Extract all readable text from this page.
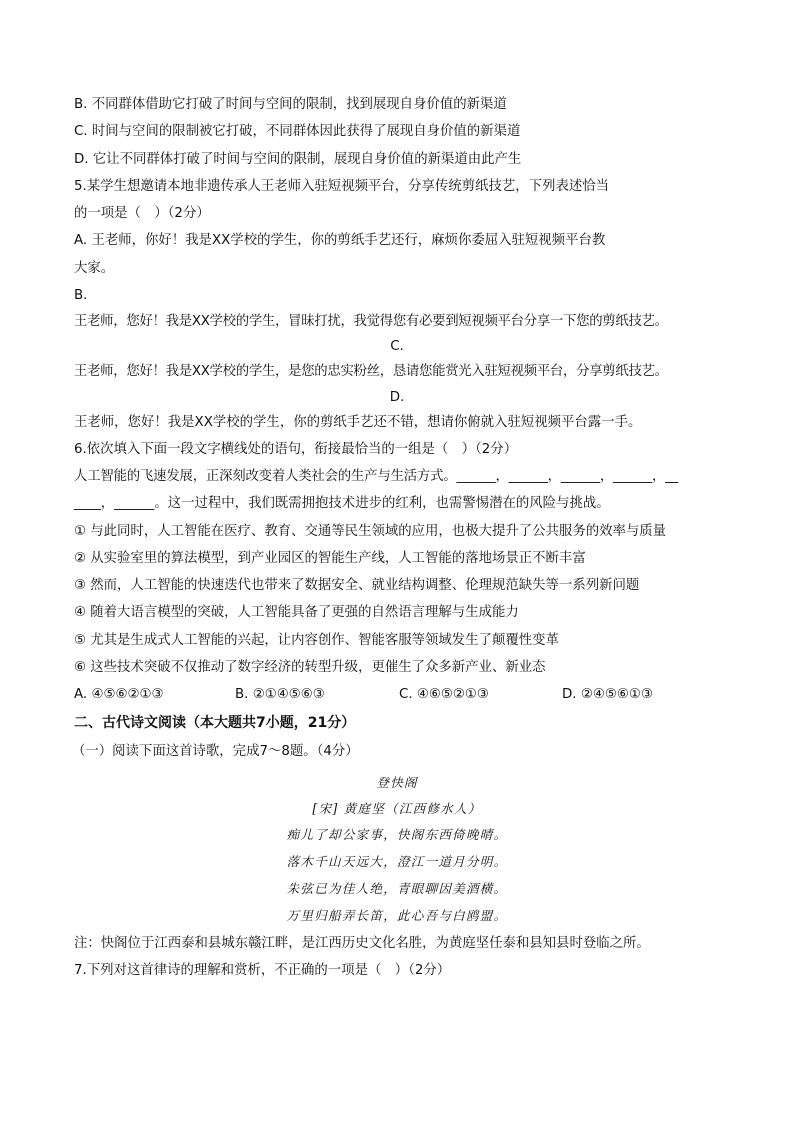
B. 不同群体借助它打破了时间与空间的限制，找到展现自身价值的新渠道
C. 时间与空间的限制被它打破，不同群体因此获得了展现自身价值的新渠道
D. 它让不同群体打破了时间与空间的限制，展现自身价值的新渠道由此产生
5.某学生想邀请本地非遗传承人王老师入驻短视频平台，分享传统剪纸技艺，下列表述恰当
的一项是（　）（2分）
A. 王老师，你好！我是XX学校的学生，你的剪纸手艺还行，麻烦你委屈入驻短视频平台教
大家。
B.
王老师，您好！我是XX学校的学生，冒昧打扰，我觉得您有必要到短视频平台分享一下您的剪纸技艺。
C.
王老师，您好！我是XX学校的学生，是您的忠实粉丝，恳请您能赏光入驻短视频平台，分享剪纸技艺。
D.
王老师，您好！我是XX学校的学生，你的剪纸手艺还不错，想请你俯就入驻短视频平台露一手。
6.依次填入下面一段文字横线处的语句，衔接最恰当的一组是（　）（2分）
人工智能的飞速发展，正深刻改变着人类社会的生产与生活方式。______，______，______，______，__
____，______。这一过程中，我们既需拥抱技术进步的红利，也需警惕潜在的风险与挑战。
① 与此同时，人工智能在医疗、教育、交通等民生领域的应用，也极大提升了公共服务的效率与质量
② 从实验室里的算法模型，到产业园区的智能生产线，人工智能的落地场景正不断丰富
③ 然而，人工智能的快速迭代也带来了数据安全、就业结构调整、伦理规范缺失等一系列新问题
④ 随着大语言模型的突破，人工智能具备了更强的自然语言理解与生成能力
⑤ 尤其是生成式人工智能的兴起，让内容创作、智能客服等领域发生了颠覆性变革
⑥ 这些技术突破不仅推动了数字经济的转型升级，更催生了众多新产业、新业态
A. ④⑤⑥②①③	B. ②①④⑤⑥③	C. ④⑥⑤②①③	D. ②④⑤⑥①③
二、古代诗文阅读（本大题共7小题，21分）
（一）阅读下面这首诗歌，完成7～8题。（4分）
登快阁
[宋] 黄庭坚（江西修水人）
痴儿了却公家事，快阁东西倚晚晴。
落木千山天远大，澄江一道月分明。
朱弦已为佳人绝，青眼聊因美酒横。
万里归船弄长笛，此心吾与白鸥盟。
注：快阁位于江西泰和县城东赣江畔，是江西历史文化名胜，为黄庭坚任泰和县知县时登临之所。
7.下列对这首律诗的理解和赏析，不正确的一项是（　）（2分）
